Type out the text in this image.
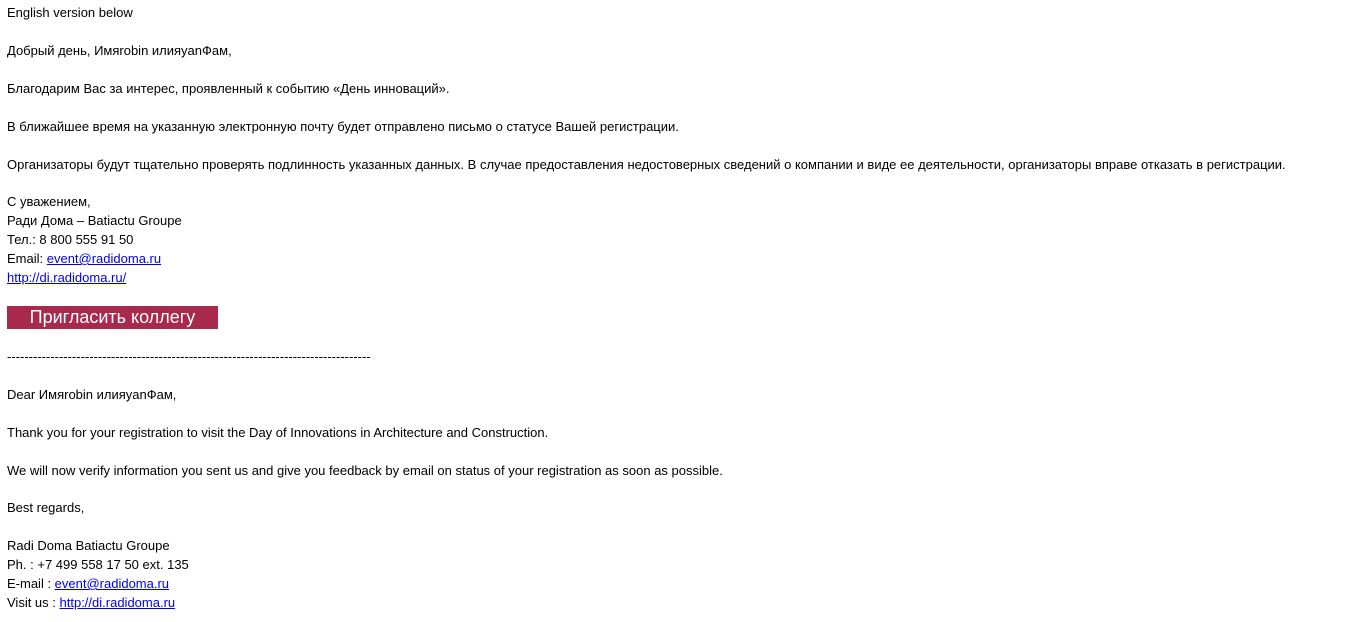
English version below
Добрый день, Имяrobin илияyanФам,
Благодарим Вас за интерес, проявленный к событию «День инноваций».
В ближайшее время на указанную электронную почту будет отправлено письмо о статусе Вашей регистрации.
Организаторы будут тщательно проверять подлинность указанных данных. В случае предоставления недостоверных сведений о компании и виде ее деятельности, организаторы вправе отказать в регистрации.
С уважением,
Ради Дома – Batiactu Groupe
Тел.: 8 800 555 91 50
Email: event@radidoma.ru
http://di.radidoma.ru/
Пригласить коллегу
------------------------------------------------------------------------------------
Dear Имяrobin илияyanФам,
Thank you for your registration to visit the Day of Innovations in Architecture and Construction.
We will now verify information you sent us and give you feedback by email on status of your registration as soon as possible.
Best regards,
Radi Doma Batiactu Groupe
Ph. : +7 499 558 17 50 ext. 135
E-mail : event@radidoma.ru
Visit us : http://di.radidoma.ru
